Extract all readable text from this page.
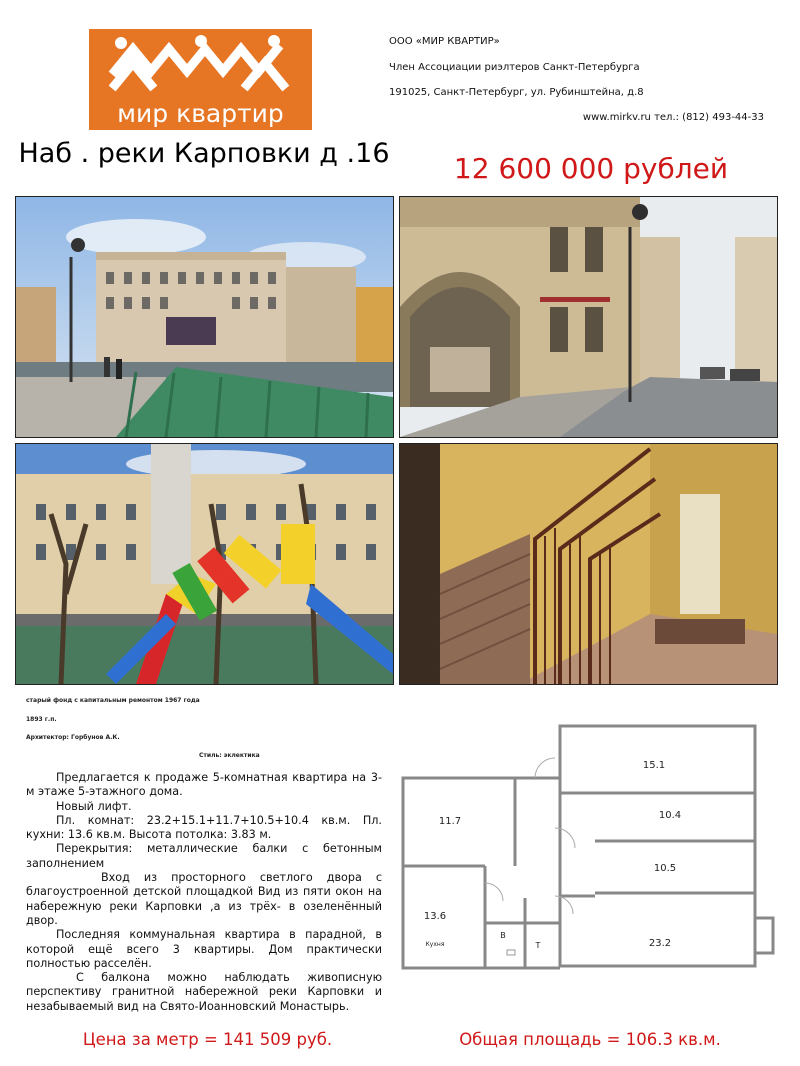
мир квартир
ООО «МИР КВАРТИР»
Член Ассоциации риэлтеров Санкт-Петербурга
191025, Санкт-Петербург, ул. Рубинштейна, д.8
www.mirkv.ru тел.: (812) 493-44-33
Наб . реки Карповки д .16	12 600 000 рублей
старый фонд с капитальным ремонтом 1967 года
1893 г.п.
Архитектор: Горбунов А.К.
Стиль: эклектика

Предлагается к продаже 5-комнатная квартира на 3-м этаже 5-этажного дома.

Новый лифт.

Пл. комнат: 23.2+15.1+11.7+10.5+10.4 кв.м. Пл. кухни: 13.6 кв.м. Высота потолка: 3.83 м.

Перекрытия: металлические балки с бетонным заполнением

Вход из просторного светлого двора с благоустроенной детской площадкой Вид из пяти окон на набережную реки Карповки ,а из трёх- в озеленённый двор.

Последняя коммунальная квартира в парадной, в которой ещё всего 3 квартиры. Дом практически полностью расселён.

С балкона можно наблюдать живописную перспективу гранитной набережной реки Карповки и незабываемый вид на Свято-Иоанновский Монастырь.

15.1
10.4
10.5
23.2
11.7
13.6
Кухня
В
Т
Цена за метр = 141 509 руб.	Общая площадь = 106.3 кв.м.
